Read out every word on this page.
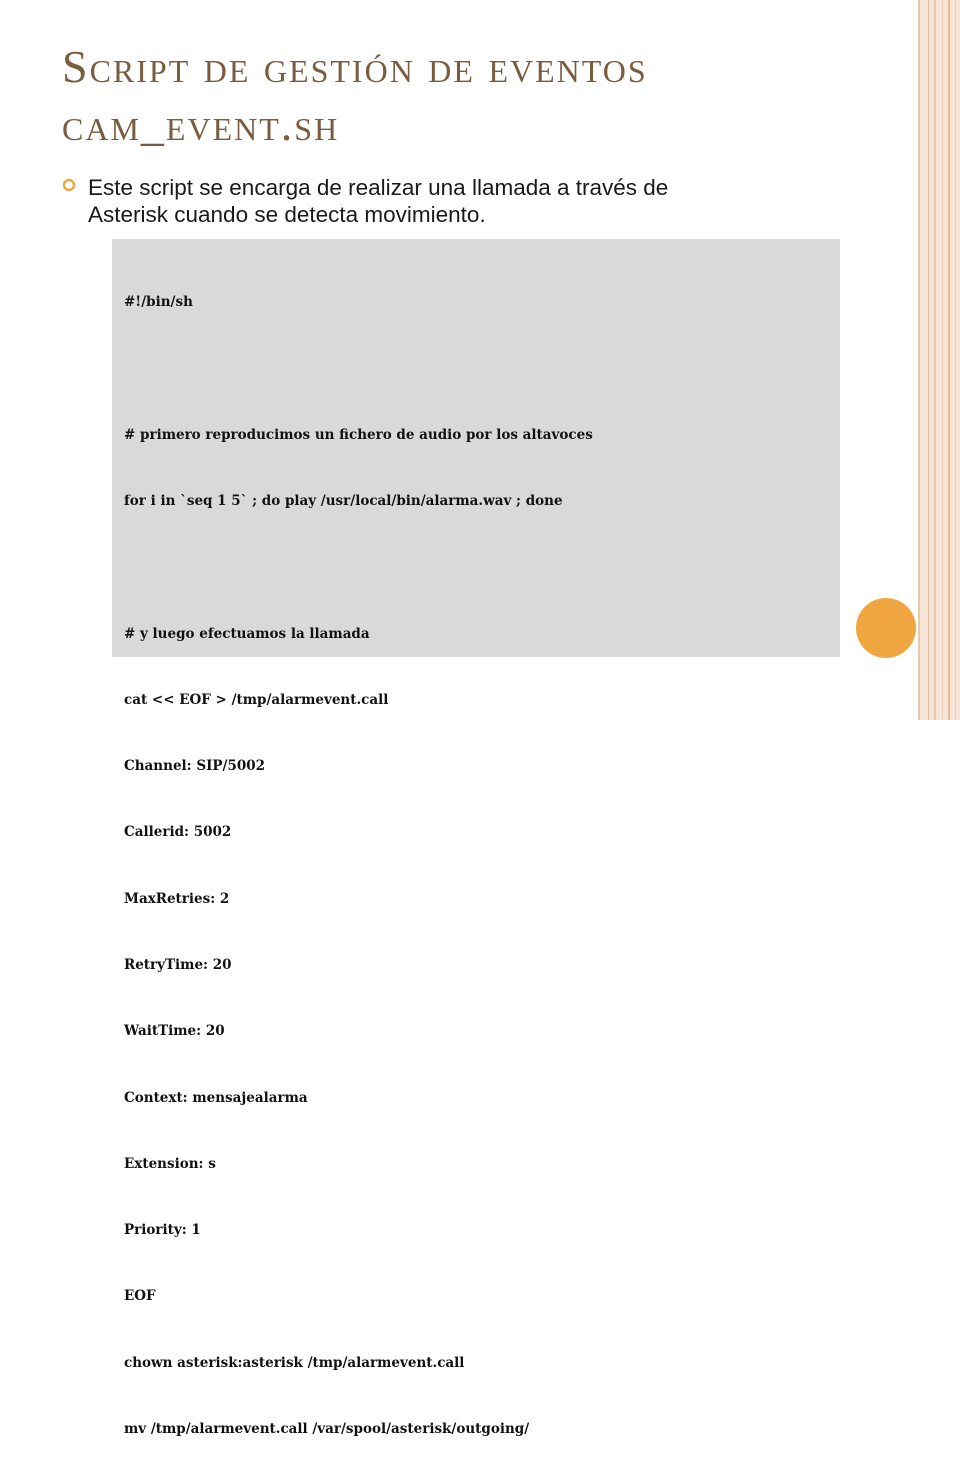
Script de gestión de eventos
cam_event.sh
Este script se encarga de realizar una llamada a través de
Asterisk cuando se detecta movimiento.

#!/bin/sh

# primero reproducimos un fichero de audio por los altavoces

for i in `seq 1 5` ; do play /usr/local/bin/alarma.wav ; done

# y luego efectuamos la llamada

cat << EOF > /tmp/alarmevent.call

Channel: SIP/5002

Callerid: 5002

MaxRetries: 2

RetryTime: 20

WaitTime: 20

Context: mensajealarma

Extension: s

Priority: 1

EOF

chown asterisk:asterisk /tmp/alarmevent.call

mv /tmp/alarmevent.call /var/spool/asterisk/outgoing/
